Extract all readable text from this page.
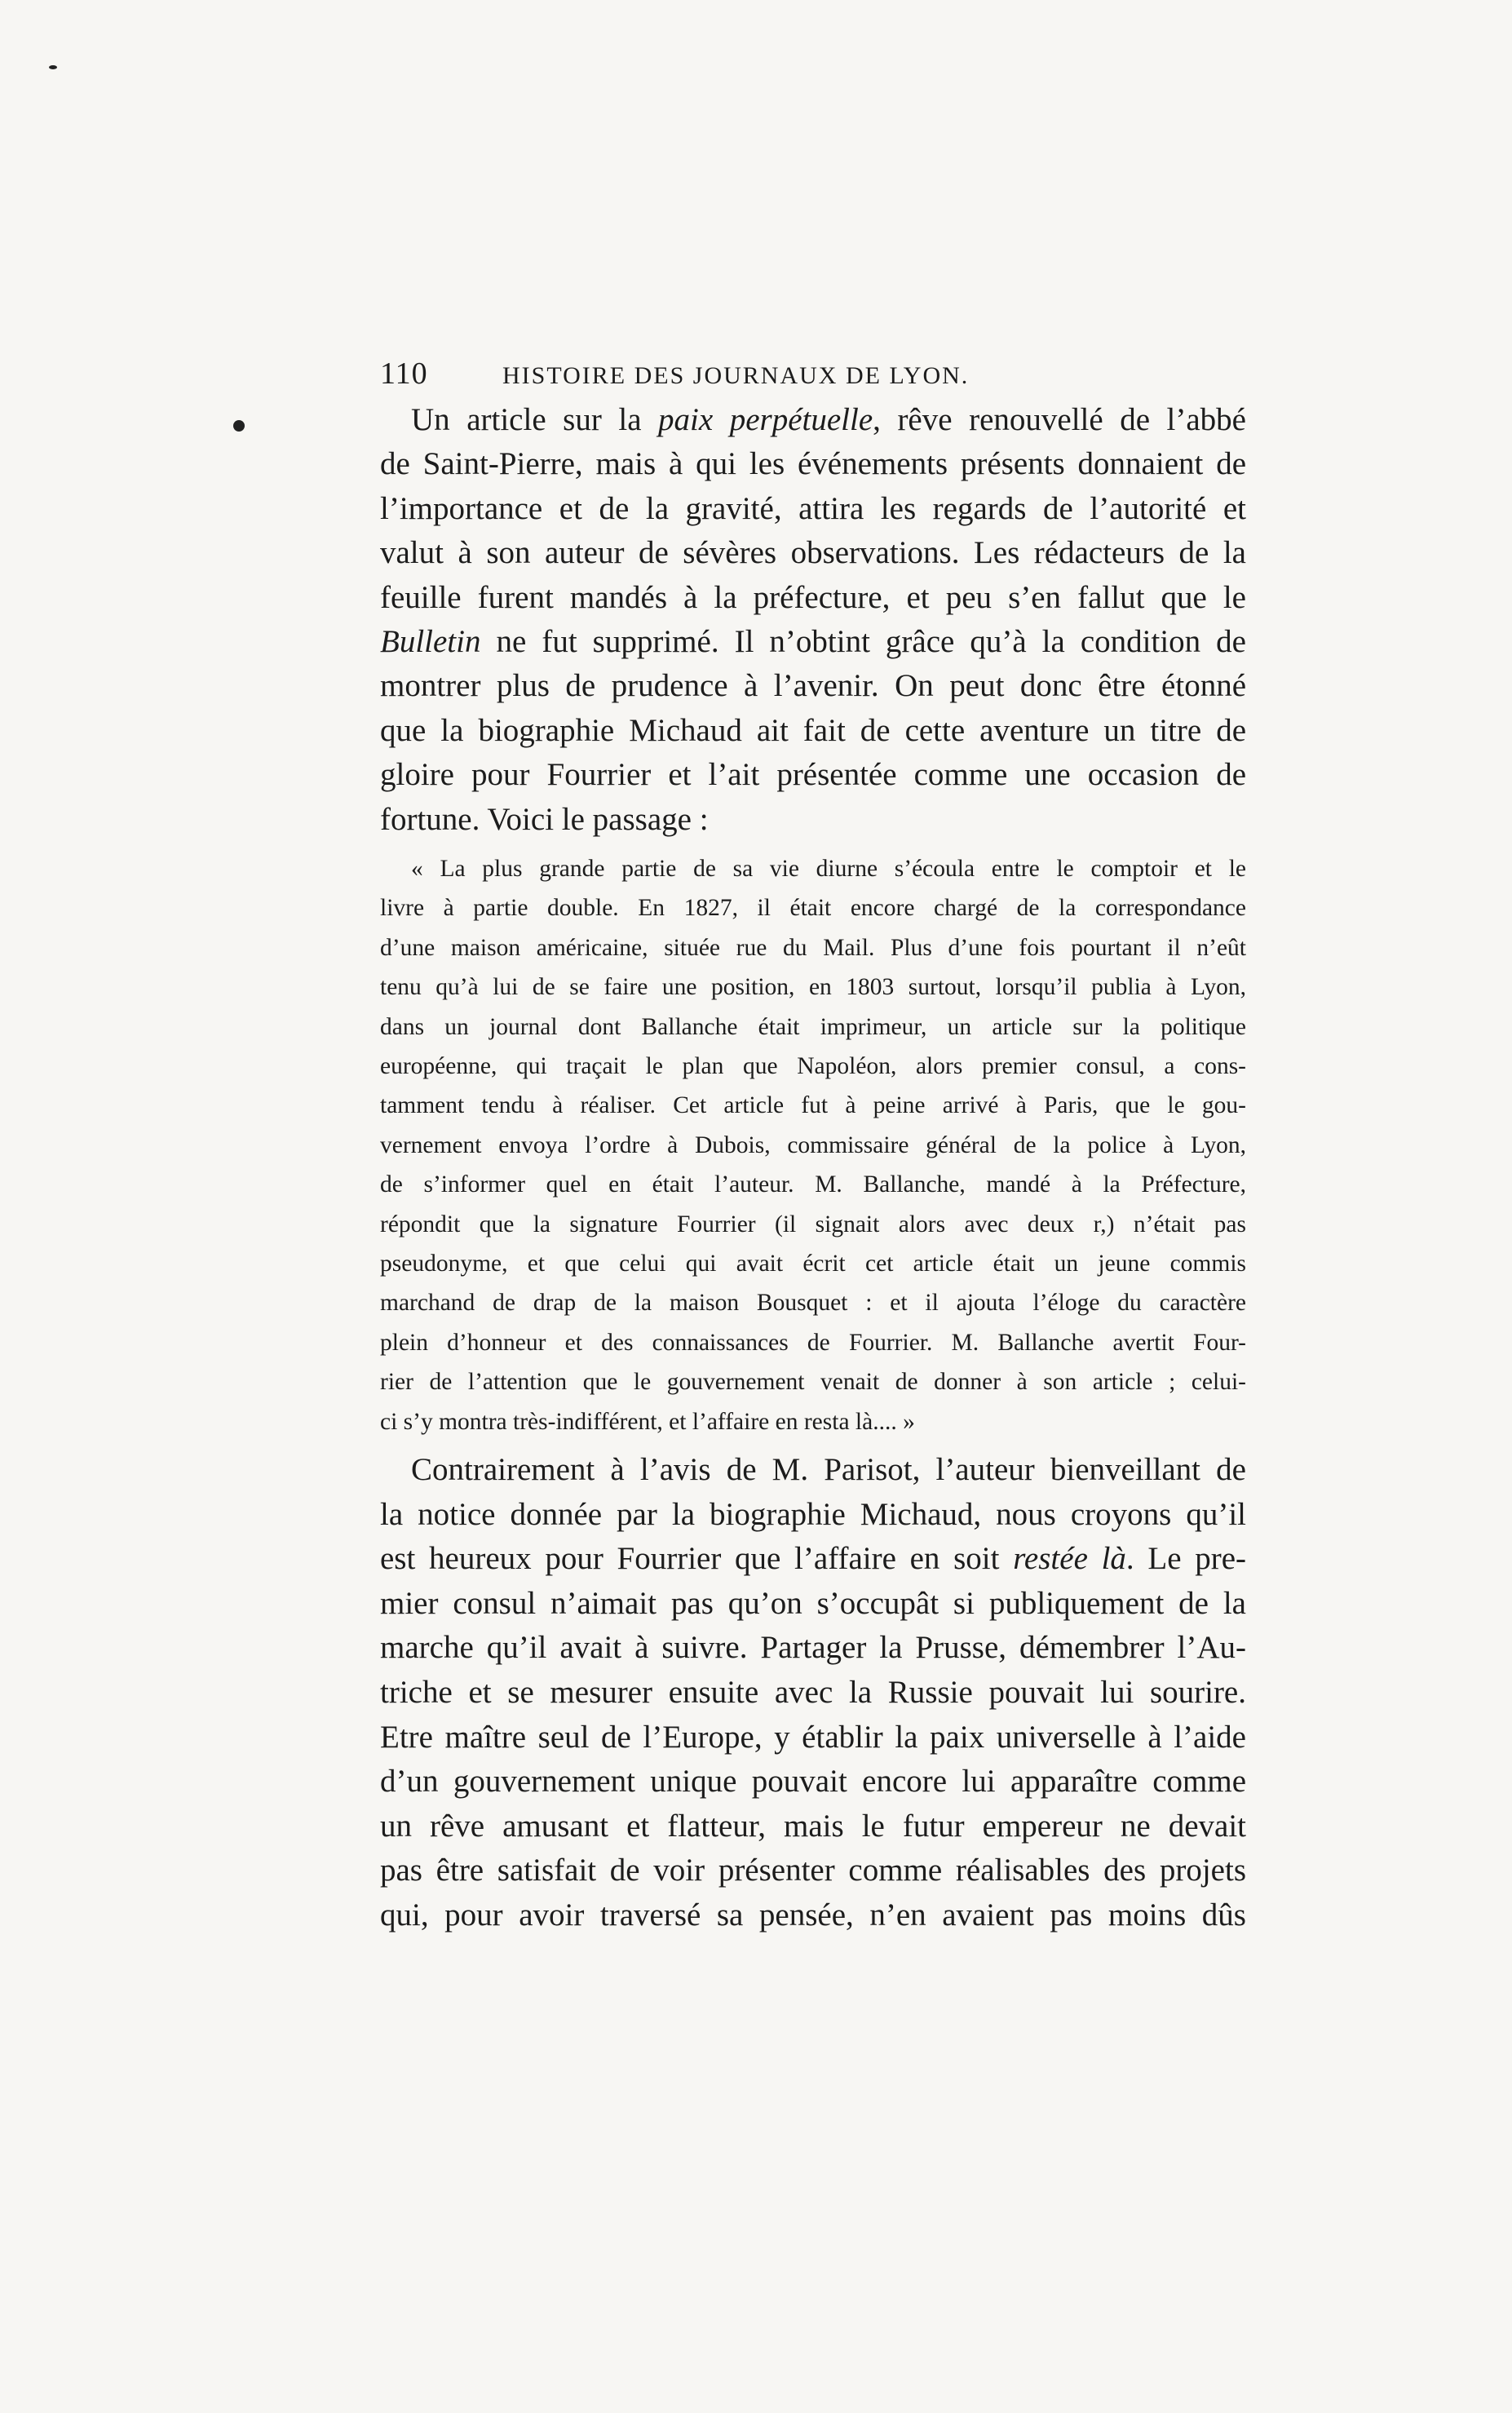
110	HISTOIRE DES JOURNAUX DE LYON.
Un article sur la paix perpétuelle, rêve renouvellé de l’abbé
de Saint-Pierre, mais à qui les événements présents donnaient de
l’importance et de la gravité, attira les regards de l’autorité et
valut à son auteur de sévères observations. Les rédacteurs de la
feuille furent mandés à la préfecture, et peu s’en fallut que le
Bulletin ne fut supprimé. Il n’obtint grâce qu’à la condition de
montrer plus de prudence à l’avenir. On peut donc être étonné
que la biographie Michaud ait fait de cette aventure un titre de
gloire pour Fourrier et l’ait présentée comme une occasion de
fortune. Voici le passage :
« La plus grande partie de sa vie diurne s’écoula entre le comptoir et le
livre à partie double. En 1827, il était encore chargé de la correspondance
d’une maison américaine, située rue du Mail. Plus d’une fois pourtant il n’eût
tenu qu’à lui de se faire une position, en 1803 surtout, lorsqu’il publia à Lyon,
dans un journal dont Ballanche était imprimeur, un article sur la politique
européenne, qui traçait le plan que Napoléon, alors premier consul, a cons-
tamment tendu à réaliser. Cet article fut à peine arrivé à Paris, que le gou-
vernement envoya l’ordre à Dubois, commissaire général de la police à Lyon,
de s’informer quel en était l’auteur. M. Ballanche, mandé à la Préfecture,
répondit que la signature Fourrier (il signait alors avec deux r,) n’était pas
pseudonyme, et que celui qui avait écrit cet article était un jeune commis
marchand de drap de la maison Bousquet : et il ajouta l’éloge du caractère
plein d’honneur et des connaissances de Fourrier. M. Ballanche avertit Four-
rier de l’attention que le gouvernement venait de donner à son article ; celui-
ci s’y montra très-indifférent, et l’affaire en resta là.... »
Contrairement à l’avis de M. Parisot, l’auteur bienveillant de
la notice donnée par la biographie Michaud, nous croyons qu’il
est heureux pour Fourrier que l’affaire en soit restée là. Le pre-
mier consul n’aimait pas qu’on s’occupât si publiquement de la
marche qu’il avait à suivre. Partager la Prusse, démembrer l’Au-
triche et se mesurer ensuite avec la Russie pouvait lui sourire.
Etre maître seul de l’Europe, y établir la paix universelle à l’aide
d’un gouvernement unique pouvait encore lui apparaître comme
un rêve amusant et flatteur, mais le futur empereur ne devait
pas être satisfait de voir présenter comme réalisables des projets
qui, pour avoir traversé sa pensée, n’en avaient pas moins dûs
